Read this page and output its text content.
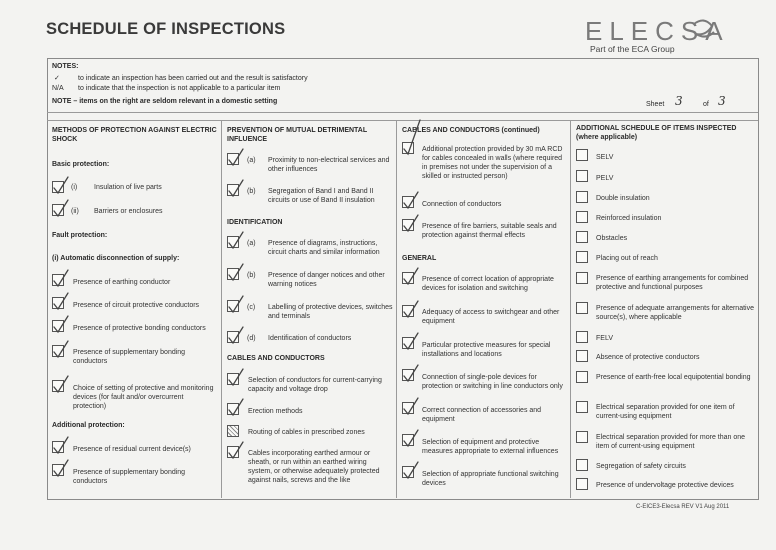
SCHEDULE OF INSPECTIONS	ELECSA
Part of the ECA Group
NOTES:
✓	to indicate an inspection has been carried out and the result is satisfactory
N/A to indicate that the inspection is not applicable to a particular item
NOTE – items on the right are seldom relevant in a domestic setting	Sheet 3	of 3
METHODS OF PROTECTION AGAINST ELECTRIC SHOCK
Basic protection:
(i) Insulation of live parts
(ii) Barriers or enclosures
Fault protection:
(i) Automatic disconnection of supply:
Presence of earthing conductor
Presence of circuit protective conductors
Presence of protective bonding conductors
Presence of supplementary bonding conductors
Choice of setting of protective and monitoring devices (for fault and/or overcurrent protection)
Additional protection:
Presence of residual current device(s)
Presence of supplementary bonding conductors
PREVENTION OF MUTUAL DETRIMENTAL INFLUENCE
(a) Proximity to non-electrical services and other influences
(b) Segregation of Band I and Band II circuits or use of Band II insulation
IDENTIFICATION
(a) Presence of diagrams, instructions, circuit charts and similar information
(b) Presence of danger notices and other warning notices
(c) Labelling of protective devices, switches and terminals
(d) Identification of conductors
CABLES AND CONDUCTORS
Selection of conductors for current-carrying capacity and voltage drop
Erection methods
Routing of cables in prescribed zones
Cables incorporating earthed armour or sheath, or run within an earthed wiring system, or otherwise adequately protected against nails, screws and the like
CABLES AND CONDUCTORS (continued)
Additional protection provided by 30 mA RCD for cables concealed in walls (where required in premises not under the supervision of a skilled or instructed person)
Connection of conductors
Presence of fire barriers, suitable seals and protection against thermal effects
GENERAL
Presence of correct location of appropriate devices for isolation and switching
Adequacy of access to switchgear and other equipment
Particular protective measures for special installations and locations
Connection of single-pole devices for protection or switching in line conductors only
Correct connection of accessories and equipment
Selection of equipment and protective measures appropriate to external influences
Selection of appropriate functional switching devices
ADDITIONAL SCHEDULE OF ITEMS INSPECTED (where applicable)
SELV
PELV
Double insulation
Reinforced insulation
Obstacles
Placing out of reach
Presence of earthing arrangements for combined protective and functional purposes
Presence of adequate arrangements for alternative source(s), where applicable
FELV
Absence of protective conductors
Presence of earth-free local equipotential bonding
Electrical separation provided for one item of current-using equipment
Electrical separation provided for more than one item of current-using equipment
Segregation of safety circuits
Presence of undervoltage protective devices
C-EICE3-Elecsa REV V1 Aug 2011
